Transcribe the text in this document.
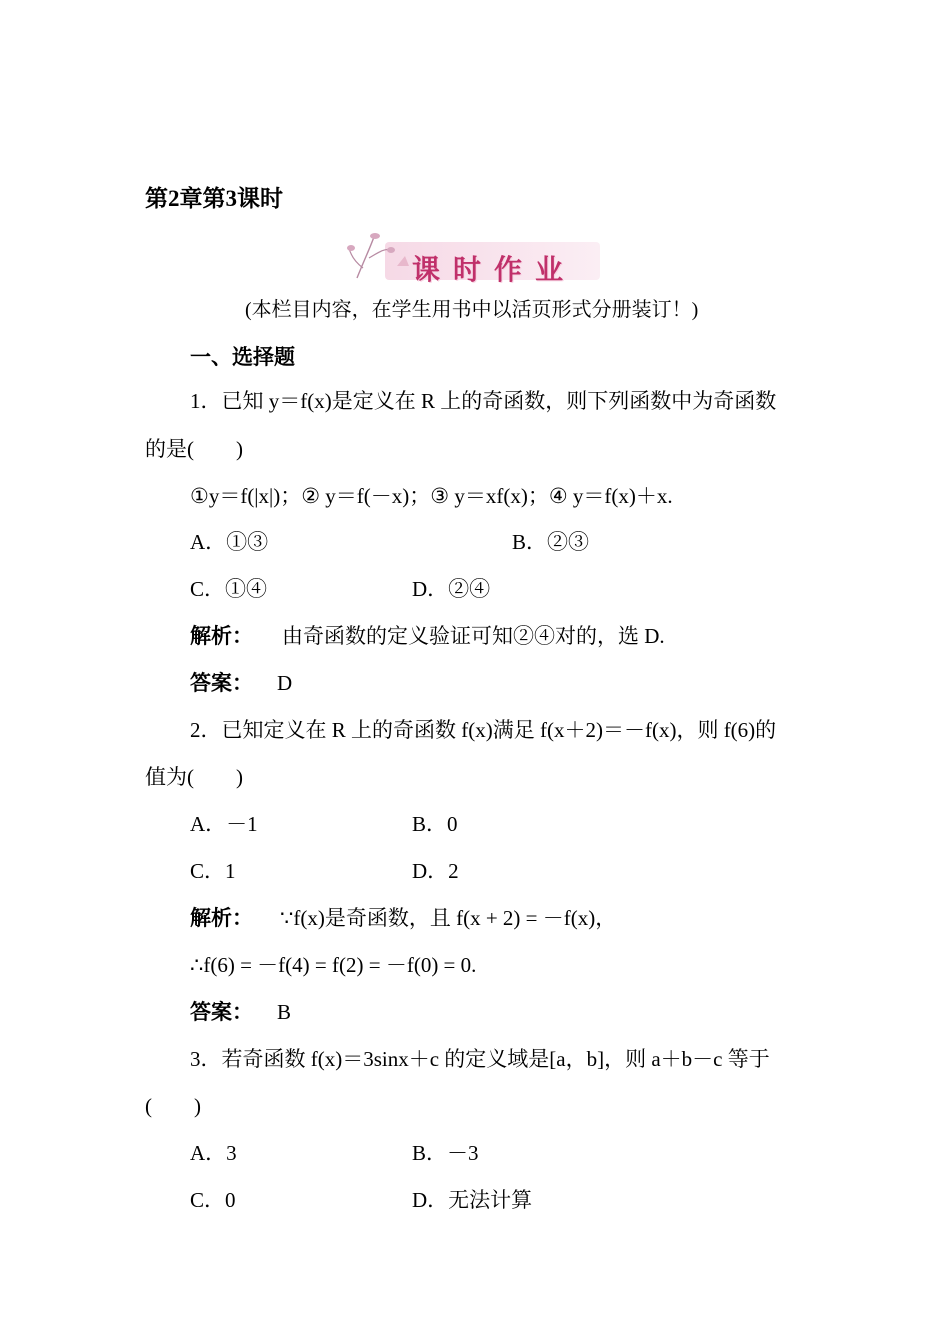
第2章第3课时
课时作业
(本栏目内容，在学生用书中以活页形式分册装订！)
一、选择题
1．已知 y＝f(x)是定义在 R 上的奇函数，则下列函数中为奇函数
的是(　　)
①y＝f(|x|)；② y＝f(－x)；③ y＝xf(x)；④ y＝f(x)＋x.
A．①③	B．②③
C．①④	D．②④
解析： 由奇函数的定义验证可知②④对的，选 D.
答案： D
2．已知定义在 R 上的奇函数 f(x)满足 f(x＋2)＝－f(x)，则 f(6)的
值为(　　)
A．－1	B．0
C．1	D．2
解析： ∵f(x)是奇函数，且 f(x + 2) = －f(x)，
∴f(6) = －f(4) = f(2) = －f(0) = 0.
答案： B
3．若奇函数 f(x)＝3sinx＋c 的定义域是[a，b]，则 a＋b－c 等于
(　　)
A．3	B．－3
C．0	D．无法计算
